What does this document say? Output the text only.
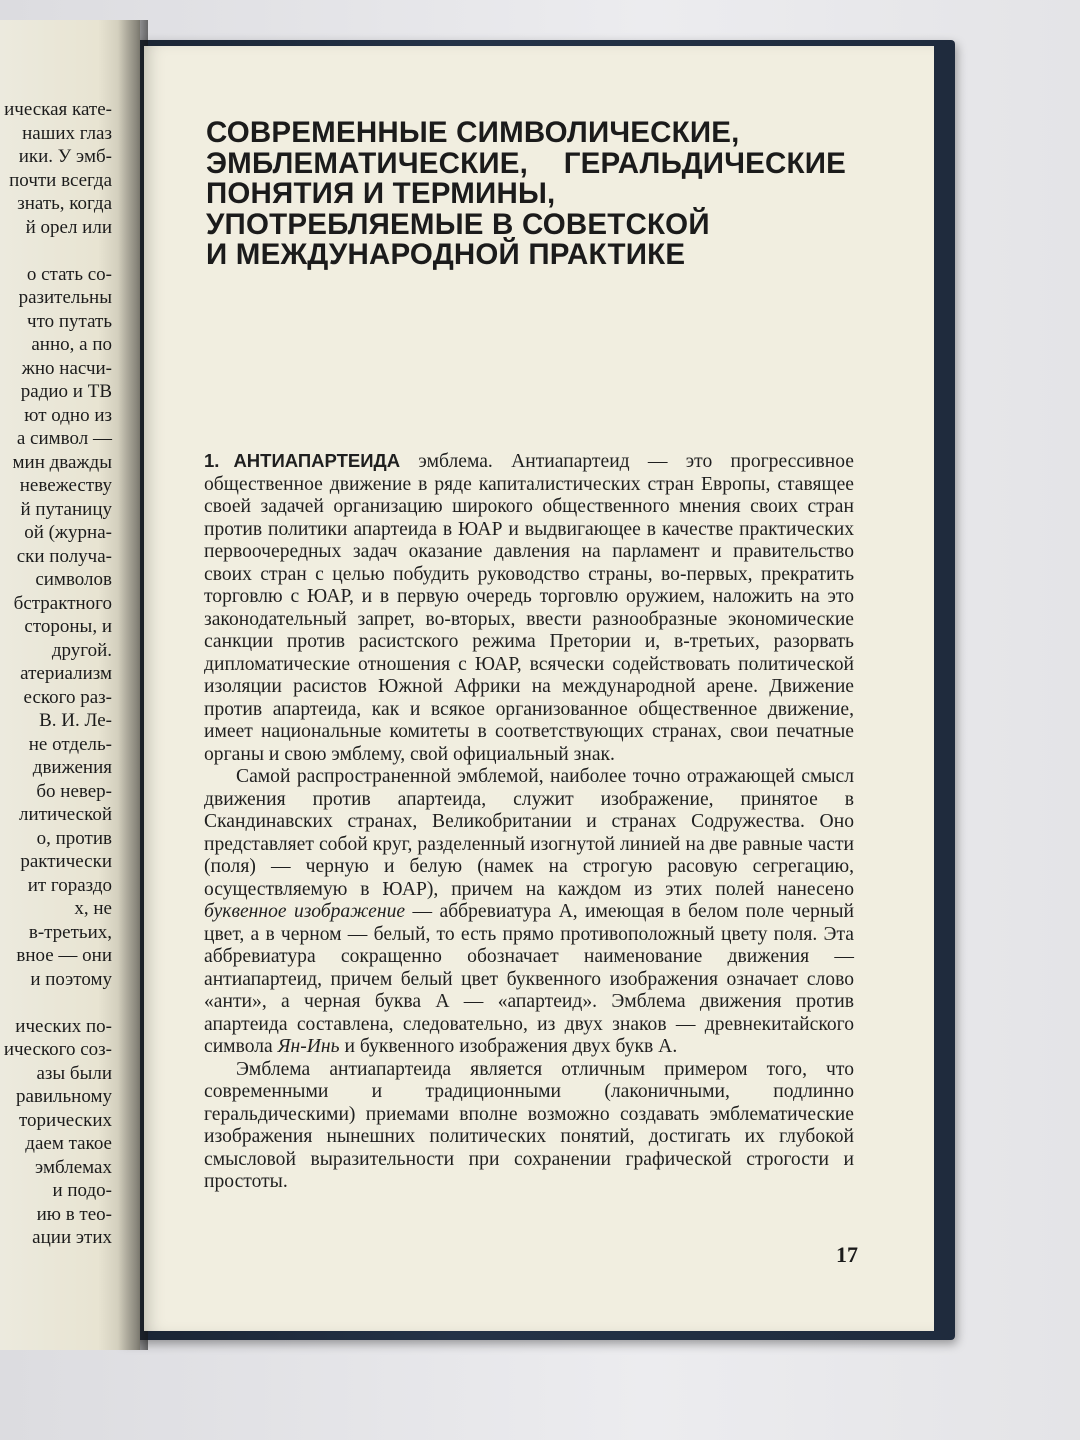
ическая кате-
наших глаз
ики. У эмб-
почти всегда
знать, когда
й орел или
о стать со-
разительны
что путать
анно, а по
жно насчи-
радио и ТВ
ют одно из
а символ —
мин дважды
невежеству
й путаницу
ой (журна-
ски получа-
символов
бстрактного
стороны, и
другой.
атериализм
еского раз-
В. И. Ле-
не отдель-
движения
бо невер-
литической
о, против
рактически
ит гораздо
х, не
в-третьих,
вное — они
и поэтому
ических по-
ического соз-
азы были
равильному
торических
даем такое
эмблемах
и подо-
ию в тео-
ации этих
СОВРЕМЕННЫЕ СИМВОЛИЧЕСКИЕ,
ЭМБЛЕМАТИЧЕСКИЕ, ГЕРАЛЬДИЧЕСКИЕ
ПОНЯТИЯ И ТЕРМИНЫ,
УПОТРЕБЛЯЕМЫЕ В СОВЕТСКОЙ
И МЕЖДУНАРОДНОЙ ПРАКТИКЕ

1. АНТИАПАРТЕИДА эмблема. Антиапартеид — это прогрессивное общественное движение в ряде капиталистических стран Европы, ставящее своей задачей организацию широкого общественного мнения своих стран против политики апартеида в ЮАР и выдвигающее в качестве практических первоочередных задач оказание давления на парламент и правительство своих стран с целью побудить руководство страны, во-первых, прекратить торговлю с ЮАР, и в первую очередь торговлю оружием, наложить на это законодательный запрет, во-вторых, ввести разнообразные экономические санкции против расистского режима Претории и, в-третьих, разорвать дипломатические отношения с ЮАР, всячески содействовать политической изоляции расистов Южной Африки на международной арене. Движение против апартеида, как и всякое организованное общественное движение, имеет национальные комитеты в соответствующих странах, свои печатные органы и свою эмблему, свой официальный знак.

Самой распространенной эмблемой, наиболее точно отражающей смысл движения против апартеида, служит изображение, принятое в Скандинавских странах, Великобритании и странах Содружества. Оно представляет собой круг, разделенный изогнутой линией на две равные части (поля) — черную и белую (намек на строгую расовую сегрегацию, осуществляемую в ЮАР), причем на каждом из этих полей нанесено буквенное изображение — аббревиатура А, имеющая в белом поле черный цвет, а в черном — белый, то есть прямо противоположный цвету поля. Эта аббревиатура сокращенно обозначает наименование движения — антиапартеид, причем белый цвет буквенного изображения означает слово «анти», а черная буква А — «апартеид». Эмблема движения против апартеида составлена, следовательно, из двух знаков — древнекитайского символа Ян-Инь и буквенного изображения двух букв А.

Эмблема антиапартеида является отличным примером того, что современными и традиционными (лаконичными, подлинно геральдическими) приемами вполне возможно создавать эмблематические изображения нынешних политических понятий, достигать их глубокой смысловой выразительности при сохранении графической строгости и простоты.

17
